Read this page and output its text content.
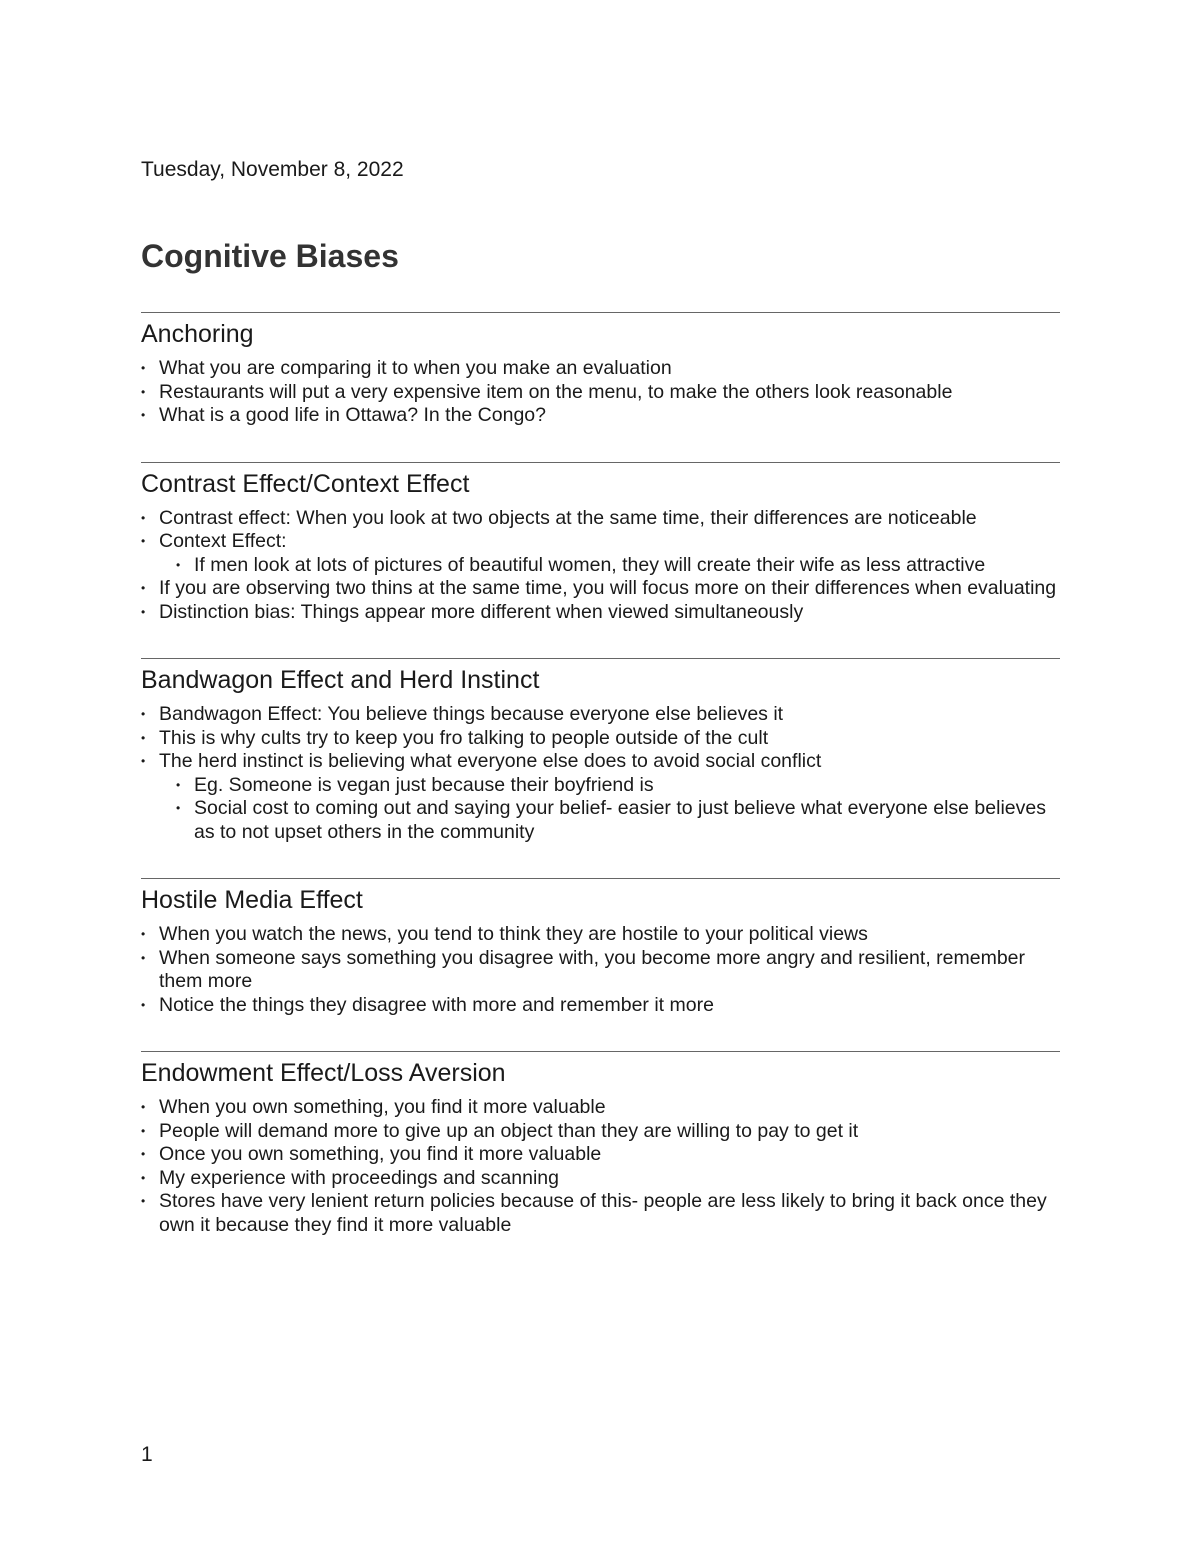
Tuesday, November 8, 2022
Cognitive Biases
Anchoring
• What you are comparing it to when you make an evaluation
• Restaurants will put a very expensive item on the menu, to make the others look reasonable
• What is a good life in Ottawa? In the Congo?
Contrast Effect/Context Effect
• Contrast effect: When you look at two objects at the same time, their differences are noticeable
• Context Effect:
• If men look at lots of pictures of beautiful women, they will create their wife as less attractive
• If you are observing two thins at the same time, you will focus more on their differences when evaluating
• Distinction bias: Things appear more different when viewed simultaneously
Bandwagon Effect and Herd Instinct
• Bandwagon Effect: You believe things because everyone else believes it
• This is why cults try to keep you fro talking to people outside of the cult
• The herd instinct is believing what everyone else does to avoid social conflict
• Eg. Someone is vegan just because their boyfriend is
• Social cost to coming out and saying your belief- easier to just believe what everyone else believes as to not upset others in the community
Hostile Media Effect
• When you watch the news, you tend to think they are hostile to your political views
• When someone says something you disagree with, you become more angry and resilient, remember them more
• Notice the things they disagree with more and remember it more
Endowment Effect/Loss Aversion
• When you own something, you find it more valuable
• People will demand more to give up an object than they are willing to pay to get it
• Once you own something, you find it more valuable
• My experience with proceedings and scanning
• Stores have very lenient return policies because of this- people are less likely to bring it back once they own it because they find it more valuable
1
